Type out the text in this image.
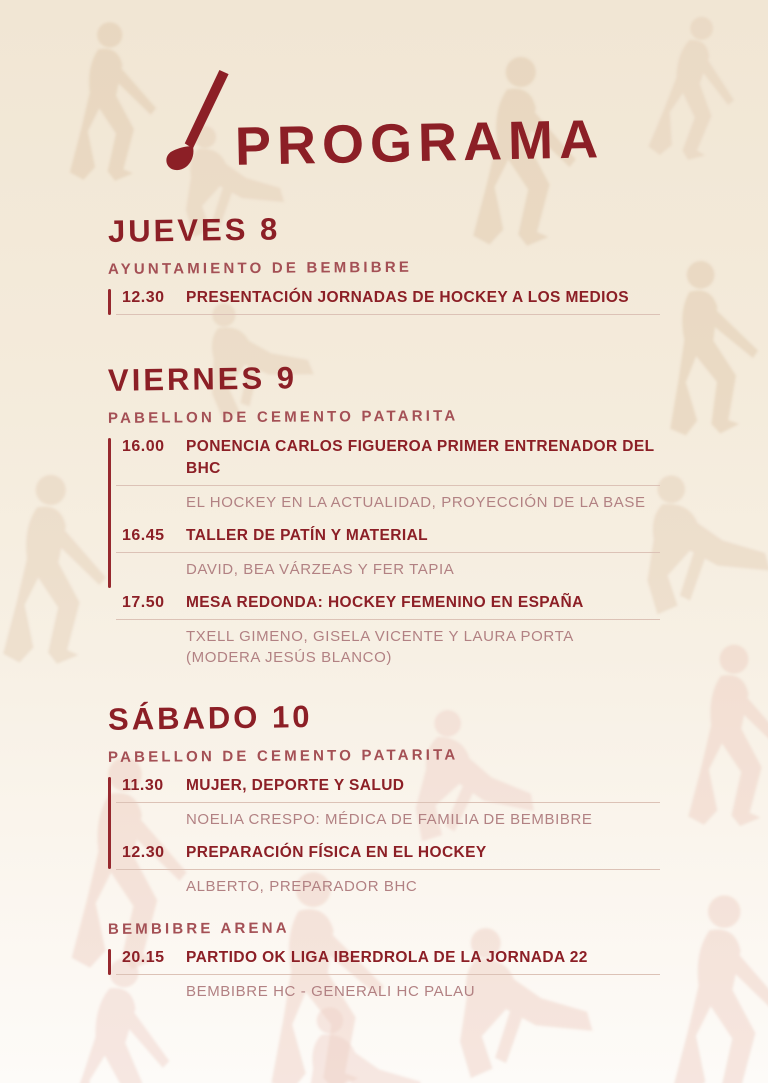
PROGRAMA
JUEVES 8
AYUNTAMIENTO DE BEMBIBRE
12.30	PRESENTACIÓN JORNADAS DE HOCKEY A LOS MEDIOS
VIERNES 9
PABELLON DE CEMENTO PATARITA
16.00	PONENCIA CARLOS FIGUEROA PRIMER ENTRENADOR DEL BHC
EL HOCKEY EN LA ACTUALIDAD, PROYECCIÓN DE LA BASE
16.45	TALLER DE PATÍN Y MATERIAL
DAVID, BEA VÁRZEAS Y FER TAPIA
17.50	MESA REDONDA: HOCKEY FEMENINO EN ESPAÑA
TXELL GIMENO, GISELA VICENTE Y LAURA PORTA
(MODERA JESÚS BLANCO)
SÁBADO 10
PABELLON DE CEMENTO PATARITA
11.30	MUJER, DEPORTE Y SALUD
NOELIA CRESPO: MÉDICA DE FAMILIA DE BEMBIBRE
12.30	PREPARACIÓN FÍSICA EN EL HOCKEY
ALBERTO, PREPARADOR BHC
BEMBIBRE ARENA
20.15	PARTIDO OK LIGA IBERDROLA DE LA JORNADA 22
BEMBIBRE HC - GENERALI HC PALAU
